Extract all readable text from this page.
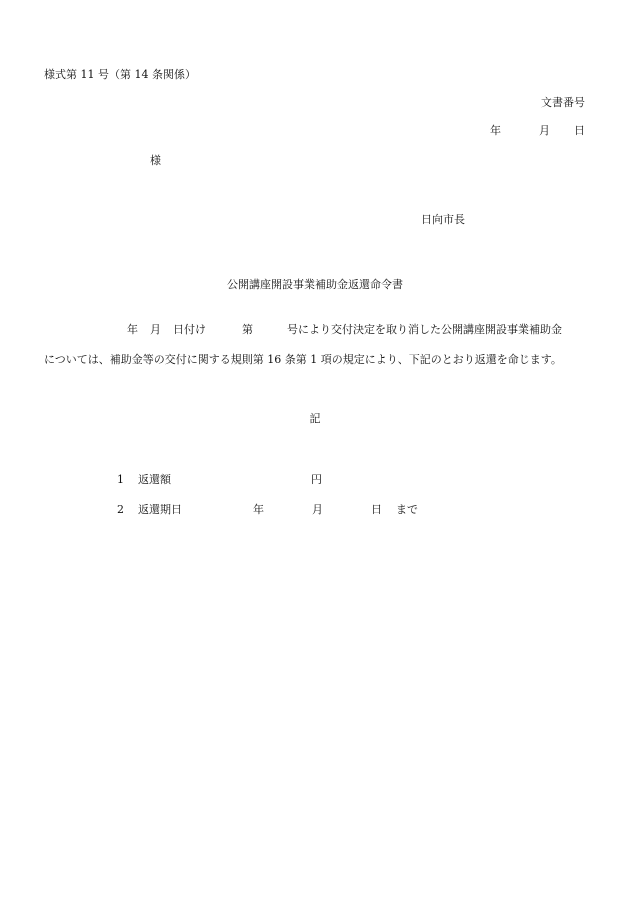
様式第 11 号（第 14 条関係）

文書番号

年	月 日

様

日向市長

公開講座開設事業補助金返還命令書

年 月 日付け	第	号により交付決定を取り消した公開講座開設事業補助金

については、補助金等の交付に関する規則第 16 条第 1 項の規定により、下記のとおり返還を命じます。

記

1 返還額	円

2 返還期日	年	月	日 まで
